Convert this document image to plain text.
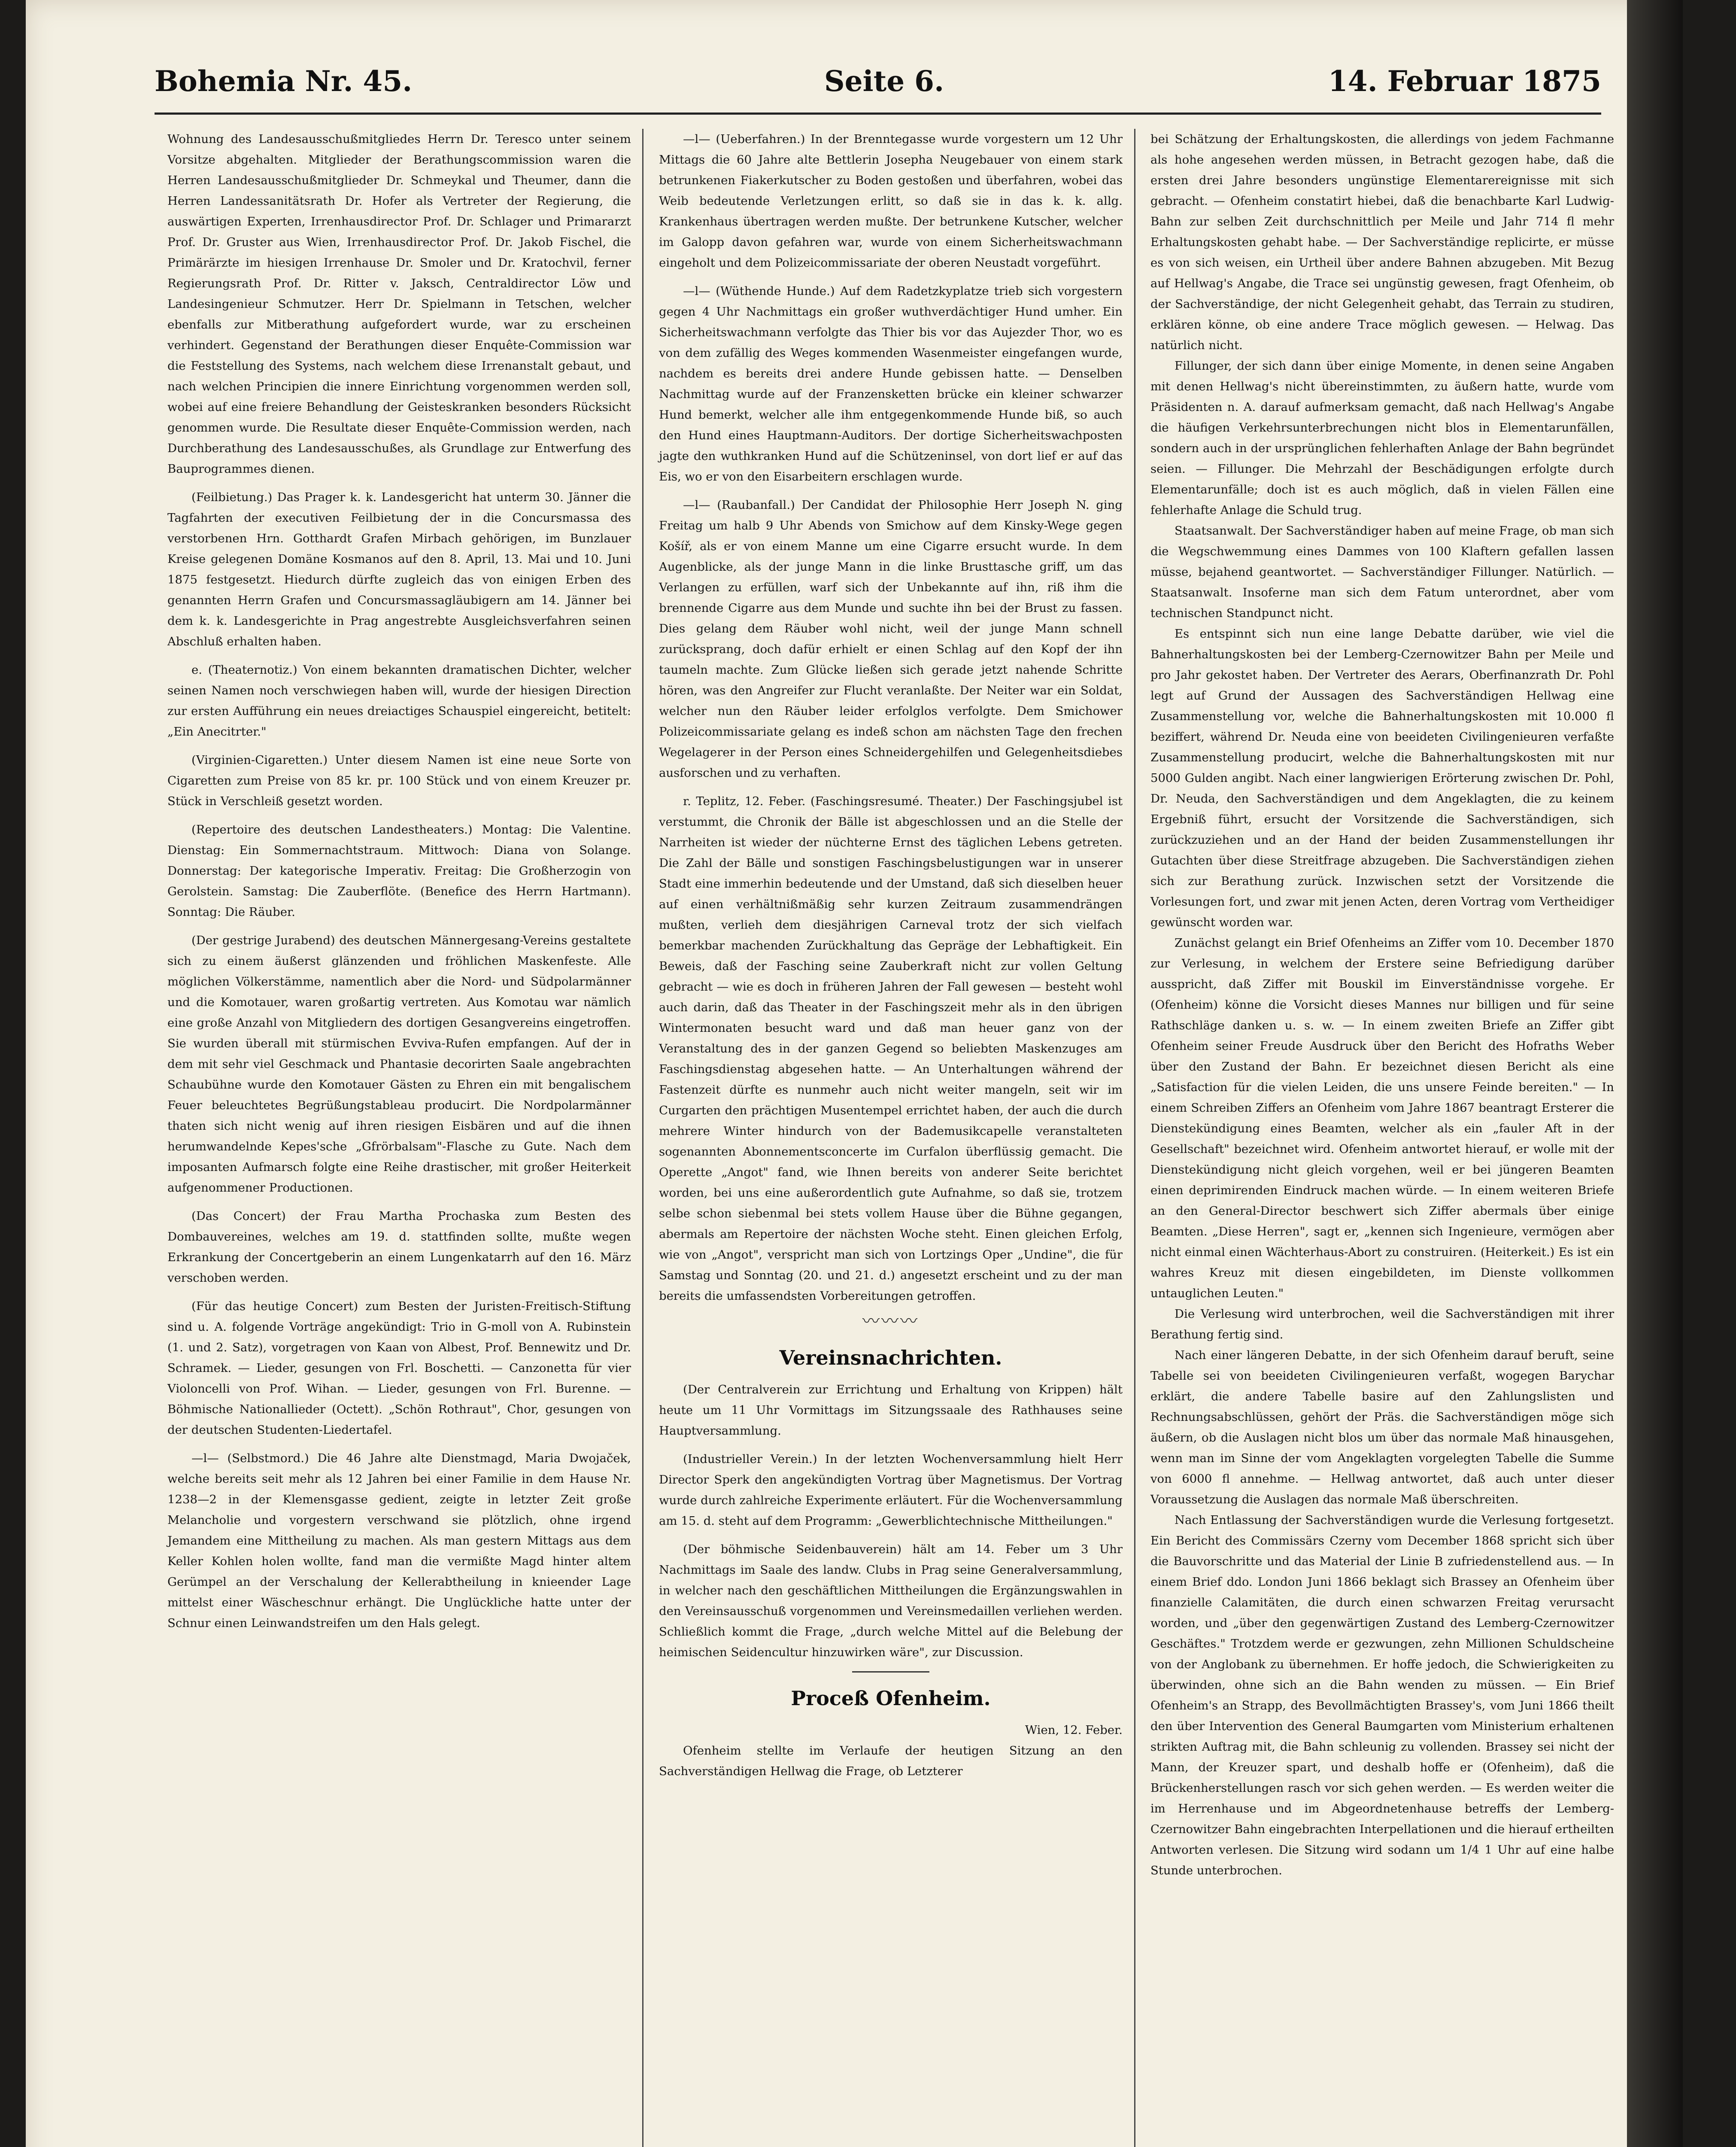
Bohemia Nr. 45.	Seite 6.	14. Februar 1875

Wohnung des Landesausschußmitgliedes Herrn Dr. Teresco unter seinem Vorsitze abgehalten. Mitglieder der Berathungscommission waren die Herren Landesausschußmitglieder Dr. Schmeykal und Theumer, dann die Herren Landessanitätsrath Dr. Hofer als Vertreter der Regierung, die auswärtigen Experten, Irrenhausdirector Prof. Dr. Schlager und Primararzt Prof. Dr. Gruster aus Wien, Irrenhausdirector Prof. Dr. Jakob Fischel, die Primärärzte im hiesigen Irrenhause Dr. Smoler und Dr. Kratochvil, ferner Regierungsrath Prof. Dr. Ritter v. Jaksch, Centraldirector Löw und Landesingenieur Schmutzer. Herr Dr. Spielmann in Tetschen, welcher ebenfalls zur Mitberathung aufgefordert wurde, war zu erscheinen verhindert. Gegenstand der Berathungen dieser Enquête-Commission war die Feststellung des Systems, nach welchem diese Irrenanstalt gebaut, und nach welchen Principien die innere Einrichtung vorgenommen werden soll, wobei auf eine freiere Behandlung der Geisteskranken besonders Rücksicht genommen wurde. Die Resultate dieser Enquête-Commission werden, nach Durchberathung des Landesausschußes, als Grundlage zur Entwerfung des Bauprogrammes dienen.

(Feilbietung.) Das Prager k. k. Landesgericht hat unterm 30. Jänner die Tagfahrten der executiven Feilbietung der in die Concursmassa des verstorbenen Hrn. Gotthardt Grafen Mirbach gehörigen, im Bunzlauer Kreise gelegenen Domäne Kosmanos auf den 8. April, 13. Mai und 10. Juni 1875 festgesetzt. Hiedurch dürfte zugleich das von einigen Erben des genannten Herrn Grafen und Concursmassagläubigern am 14. Jänner bei dem k. k. Landesgerichte in Prag angestrebte Ausgleichsverfahren seinen Abschluß erhalten haben.

e. (Theaternotiz.) Von einem bekannten dramatischen Dichter, welcher seinen Namen noch verschwiegen haben will, wurde der hiesigen Direction zur ersten Aufführung ein neues dreiactiges Schauspiel eingereicht, betitelt: „Ein Anecitrter."

(Virginien-Cigaretten.) Unter diesem Namen ist eine neue Sorte von Cigaretten zum Preise von 85 kr. pr. 100 Stück und von einem Kreuzer pr. Stück in Verschleiß gesetzt worden.

(Repertoire des deutschen Landestheaters.) Montag: Die Valentine. Dienstag: Ein Sommernachtstraum. Mittwoch: Diana von Solange. Donnerstag: Der kategorische Imperativ. Freitag: Die Großherzogin von Gerolstein. Samstag: Die Zauberflöte. (Benefice des Herrn Hartmann). Sonntag: Die Räuber.

(Der gestrige Jurabend) des deutschen Männergesang-Vereins gestaltete sich zu einem äußerst glänzenden und fröhlichen Maskenfeste. Alle möglichen Völkerstämme, namentlich aber die Nord- und Südpolarmänner und die Komotauer, waren großartig vertreten. Aus Komotau war nämlich eine große Anzahl von Mitgliedern des dortigen Gesangvereins eingetroffen. Sie wurden überall mit stürmischen Evviva-Rufen empfangen. Auf der in dem mit sehr viel Geschmack und Phantasie decorirten Saale angebrachten Schaubühne wurde den Komotauer Gästen zu Ehren ein mit bengalischem Feuer beleuchtetes Begrüßungstableau producirt. Die Nordpolarmänner thaten sich nicht wenig auf ihren riesigen Eisbären und auf die ihnen herumwandelnde Kepes'sche „Gfrörbalsam"-Flasche zu Gute. Nach dem imposanten Aufmarsch folgte eine Reihe drastischer, mit großer Heiterkeit aufgenommener Productionen.

(Das Concert) der Frau Martha Prochaska zum Besten des Dombauvereines, welches am 19. d. stattfinden sollte, mußte wegen Erkrankung der Concertgeberin an einem Lungenkatarrh auf den 16. März verschoben werden.

(Für das heutige Concert) zum Besten der Juristen-Freitisch-Stiftung sind u. A. folgende Vorträge angekündigt: Trio in G-moll von A. Rubinstein (1. und 2. Satz), vorgetragen von Kaan von Albest, Prof. Bennewitz und Dr. Schramek. — Lieder, gesungen von Frl. Boschetti. — Canzonetta für vier Violoncelli von Prof. Wihan. — Lieder, gesungen von Frl. Burenne. — Böhmische Nationallieder (Octett). „Schön Rothraut", Chor, gesungen von der deutschen Studenten-Liedertafel.

—l— (Selbstmord.) Die 46 Jahre alte Dienstmagd, Maria Dwojaček, welche bereits seit mehr als 12 Jahren bei einer Familie in dem Hause Nr. 1238—2 in der Klemensgasse gedient, zeigte in letzter Zeit große Melancholie und vorgestern verschwand sie plötzlich, ohne irgend Jemandem eine Mittheilung zu machen. Als man gestern Mittags aus dem Keller Kohlen holen wollte, fand man die vermißte Magd hinter altem Gerümpel an der Verschalung der Kellerabtheilung in knieender Lage mittelst einer Wäscheschnur erhängt. Die Unglückliche hatte unter der Schnur einen Leinwandstreifen um den Hals gelegt.

—l— (Ueberfahren.) In der Brenntegasse wurde vorgestern um 12 Uhr Mittags die 60 Jahre alte Bettlerin Josepha Neugebauer von einem stark betrunkenen Fiakerkutscher zu Boden gestoßen und überfahren, wobei das Weib bedeutende Verletzungen erlitt, so daß sie in das k. k. allg. Krankenhaus übertragen werden mußte. Der betrunkene Kutscher, welcher im Galopp davon gefahren war, wurde von einem Sicherheitswachmann eingeholt und dem Polizeicommissariate der oberen Neustadt vorgeführt.

—l— (Wüthende Hunde.) Auf dem Radetzkyplatze trieb sich vorgestern gegen 4 Uhr Nachmittags ein großer wuthverdächtiger Hund umher. Ein Sicherheitswachmann verfolgte das Thier bis vor das Aujezder Thor, wo es von dem zufällig des Weges kommenden Wasenmeister eingefangen wurde, nachdem es bereits drei andere Hunde gebissen hatte. — Denselben Nachmittag wurde auf der Franzensketten brücke ein kleiner schwarzer Hund bemerkt, welcher alle ihm entgegenkommende Hunde biß, so auch den Hund eines Hauptmann-Auditors. Der dortige Sicherheitswachposten jagte den wuthkranken Hund auf die Schützeninsel, von dort lief er auf das Eis, wo er von den Eisarbeitern erschlagen wurde.

—l— (Raubanfall.) Der Candidat der Philosophie Herr Joseph N. ging Freitag um halb 9 Uhr Abends von Smichow auf dem Kinsky-Wege gegen Košíř, als er von einem Manne um eine Cigarre ersucht wurde. In dem Augenblicke, als der junge Mann in die linke Brusttasche griff, um das Verlangen zu erfüllen, warf sich der Unbekannte auf ihn, riß ihm die brennende Cigarre aus dem Munde und suchte ihn bei der Brust zu fassen. Dies gelang dem Räuber wohl nicht, weil der junge Mann schnell zurücksprang, doch dafür erhielt er einen Schlag auf den Kopf der ihn taumeln machte. Zum Glücke ließen sich gerade jetzt nahende Schritte hören, was den Angreifer zur Flucht veranlaßte. Der Neiter war ein Soldat, welcher nun den Räuber leider erfolglos verfolgte. Dem Smichower Polizeicommissariate gelang es indeß schon am nächsten Tage den frechen Wegelagerer in der Person eines Schneidergehilfen und Gelegenheitsdiebes ausforschen und zu verhaften.

r. Teplitz, 12. Feber. (Faschingsresumé. Theater.) Der Faschingsjubel ist verstummt, die Chronik der Bälle ist abgeschlossen und an die Stelle der Narrheiten ist wieder der nüchterne Ernst des täglichen Lebens getreten. Die Zahl der Bälle und sonstigen Faschingsbelustigungen war in unserer Stadt eine immerhin bedeutende und der Umstand, daß sich dieselben heuer auf einen verhältnißmäßig sehr kurzen Zeitraum zusammendrängen mußten, verlieh dem diesjährigen Carneval trotz der sich vielfach bemerkbar machenden Zurückhaltung das Gepräge der Lebhaftigkeit. Ein Beweis, daß der Fasching seine Zauberkraft nicht zur vollen Geltung gebracht — wie es doch in früheren Jahren der Fall gewesen — besteht wohl auch darin, daß das Theater in der Faschingszeit mehr als in den übrigen Wintermonaten besucht ward und daß man heuer ganz von der Veranstaltung des in der ganzen Gegend so beliebten Maskenzuges am Faschingsdienstag abgesehen hatte. — An Unterhaltungen während der Fastenzeit dürfte es nunmehr auch nicht weiter mangeln, seit wir im Curgarten den prächtigen Musentempel errichtet haben, der auch die durch mehrere Winter hindurch von der Bademusikcapelle veranstalteten sogenannten Abonnementsconcerte im Curfalon überflüssig gemacht. Die Operette „Angot" fand, wie Ihnen bereits von anderer Seite berichtet worden, bei uns eine außerordentlich gute Aufnahme, so daß sie, trotzem selbe schon siebenmal bei stets vollem Hause über die Bühne gegangen, abermals am Repertoire der nächsten Woche steht. Einen gleichen Erfolg, wie von „Angot", verspricht man sich von Lortzings Oper „Undine", die für Samstag und Sonntag (20. und 21. d.) angesetzt erscheint und zu der man bereits die umfassendsten Vorbereitungen getroffen.

〰〰〰
Vereinsnachrichten.

(Der Centralverein zur Errichtung und Erhaltung von Krippen) hält heute um 11 Uhr Vormittags im Sitzungssaale des Rathhauses seine Hauptversammlung.

(Industrieller Verein.) In der letzten Wochenversammlung hielt Herr Director Sperk den angekündigten Vortrag über Magnetismus. Der Vortrag wurde durch zahlreiche Experimente erläutert. Für die Wochenversammlung am 15. d. steht auf dem Programm: „Gewerblichtechnische Mittheilungen."

(Der böhmische Seidenbauverein) hält am 14. Feber um 3 Uhr Nachmittags im Saale des landw. Clubs in Prag seine Generalversammlung, in welcher nach den geschäftlichen Mittheilungen die Ergänzungswahlen in den Vereinsausschuß vorgenommen und Vereinsmedaillen verliehen werden. Schließlich kommt die Frage, „durch welche Mittel auf die Belebung der heimischen Seidencultur hinzuwirken wäre", zur Discussion.

Proceß Ofenheim.

Wien, 12. Feber.

Ofenheim stellte im Verlaufe der heutigen Sitzung an den Sachverständigen Hellwag die Frage, ob Letzterer

bei Schätzung der Erhaltungskosten, die allerdings von jedem Fachmanne als hohe angesehen werden müssen, in Betracht gezogen habe, daß die ersten drei Jahre besonders ungünstige Elementarereignisse mit sich gebracht. — Ofenheim constatirt hiebei, daß die benachbarte Karl Ludwig-Bahn zur selben Zeit durchschnittlich per Meile und Jahr 714 fl mehr Erhaltungskosten gehabt habe. — Der Sachverständige replicirte, er müsse es von sich weisen, ein Urtheil über andere Bahnen abzugeben. Mit Bezug auf Hellwag's Angabe, die Trace sei ungünstig gewesen, fragt Ofenheim, ob der Sachverständige, der nicht Gelegenheit gehabt, das Terrain zu studiren, erklären könne, ob eine andere Trace möglich gewesen. — Helwag. Das natürlich nicht.

Fillunger, der sich dann über einige Momente, in denen seine Angaben mit denen Hellwag's nicht übereinstimmten, zu äußern hatte, wurde vom Präsidenten n. A. darauf aufmerksam gemacht, daß nach Hellwag's Angabe die häufigen Verkehrsunterbrechungen nicht blos in Elementarunfällen, sondern auch in der ursprünglichen fehlerhaften Anlage der Bahn begründet seien. — Fillunger. Die Mehrzahl der Beschädigungen erfolgte durch Elementarunfälle; doch ist es auch möglich, daß in vielen Fällen eine fehlerhafte Anlage die Schuld trug.

Staatsanwalt. Der Sachverständiger haben auf meine Frage, ob man sich die Wegschwemmung eines Dammes von 100 Klaftern gefallen lassen müsse, bejahend geantwortet. — Sachverständiger Fillunger. Natürlich. — Staatsanwalt. Insoferne man sich dem Fatum unterordnet, aber vom technischen Standpunct nicht.

Es entspinnt sich nun eine lange Debatte darüber, wie viel die Bahnerhaltungskosten bei der Lemberg-Czernowitzer Bahn per Meile und pro Jahr gekostet haben. Der Vertreter des Aerars, Oberfinanzrath Dr. Pohl legt auf Grund der Aussagen des Sachverständigen Hellwag eine Zusammenstellung vor, welche die Bahnerhaltungskosten mit 10.000 fl beziffert, während Dr. Neuda eine von beeideten Civilingenieuren verfaßte Zusammenstellung producirt, welche die Bahnerhaltungskosten mit nur 5000 Gulden angibt. Nach einer langwierigen Erörterung zwischen Dr. Pohl, Dr. Neuda, den Sachverständigen und dem Angeklagten, die zu keinem Ergebniß führt, ersucht der Vorsitzende die Sachverständigen, sich zurückzuziehen und an der Hand der beiden Zusammenstellungen ihr Gutachten über diese Streitfrage abzugeben. Die Sachverständigen ziehen sich zur Berathung zurück. Inzwischen setzt der Vorsitzende die Vorlesungen fort, und zwar mit jenen Acten, deren Vortrag vom Vertheidiger gewünscht worden war.

Zunächst gelangt ein Brief Ofenheims an Ziffer vom 10. December 1870 zur Verlesung, in welchem der Erstere seine Befriedigung darüber ausspricht, daß Ziffer mit Bouskil im Einverständnisse vorgehe. Er (Ofenheim) könne die Vorsicht dieses Mannes nur billigen und für seine Rathschläge danken u. s. w. — In einem zweiten Briefe an Ziffer gibt Ofenheim seiner Freude Ausdruck über den Bericht des Hofraths Weber über den Zustand der Bahn. Er bezeichnet diesen Bericht als eine „Satisfaction für die vielen Leiden, die uns unsere Feinde bereiten." — In einem Schreiben Ziffers an Ofenheim vom Jahre 1867 beantragt Ersterer die Dienstekündigung eines Beamten, welcher als ein „fauler Aft in der Gesellschaft" bezeichnet wird. Ofenheim antwortet hierauf, er wolle mit der Dienstekündigung nicht gleich vorgehen, weil er bei jüngeren Beamten einen deprimirenden Eindruck machen würde. — In einem weiteren Briefe an den General-Director beschwert sich Ziffer abermals über einige Beamten. „Diese Herren", sagt er, „kennen sich Ingenieure, vermögen aber nicht einmal einen Wächterhaus-Abort zu construiren. (Heiterkeit.) Es ist ein wahres Kreuz mit diesen eingebildeten, im Dienste vollkommen untauglichen Leuten."

Die Verlesung wird unterbrochen, weil die Sachverständigen mit ihrer Berathung fertig sind.

Nach einer längeren Debatte, in der sich Ofenheim darauf beruft, seine Tabelle sei von beeideten Civilingenieuren verfaßt, wogegen Barychar erklärt, die andere Tabelle basire auf den Zahlungslisten und Rechnungsabschlüssen, gehört der Präs. die Sachverständigen möge sich äußern, ob die Auslagen nicht blos um über das normale Maß hinausgehen, wenn man im Sinne der vom Angeklagten vorgelegten Tabelle die Summe von 6000 fl annehme. — Hellwag antwortet, daß auch unter dieser Voraussetzung die Auslagen das normale Maß überschreiten.

Nach Entlassung der Sachverständigen wurde die Verlesung fortgesetzt. Ein Bericht des Commissärs Czerny vom December 1868 spricht sich über die Bauvorschritte und das Material der Linie B zufriedenstellend aus. — In einem Brief ddo. London Juni 1866 beklagt sich Brassey an Ofenheim über finanzielle Calamitäten, die durch einen schwarzen Freitag verursacht worden, und „über den gegenwärtigen Zustand des Lemberg-Czernowitzer Geschäftes." Trotzdem werde er gezwungen, zehn Millionen Schuldscheine von der Anglobank zu übernehmen. Er hoffe jedoch, die Schwierigkeiten zu überwinden, ohne sich an die Bahn wenden zu müssen. — Ein Brief Ofenheim's an Strapp, des Bevollmächtigten Brassey's, vom Juni 1866 theilt den über Intervention des General Baumgarten vom Ministerium erhaltenen strikten Auftrag mit, die Bahn schleunig zu vollenden. Brassey sei nicht der Mann, der Kreuzer spart, und deshalb hoffe er (Ofenheim), daß die Brückenherstellungen rasch vor sich gehen werden. — Es werden weiter die im Herrenhause und im Abgeordnetenhause betreffs der Lemberg-Czernowitzer Bahn eingebrachten Interpellationen und die hierauf ertheilten Antworten verlesen. Die Sitzung wird sodann um 1/4 1 Uhr auf eine halbe Stunde unterbrochen.
